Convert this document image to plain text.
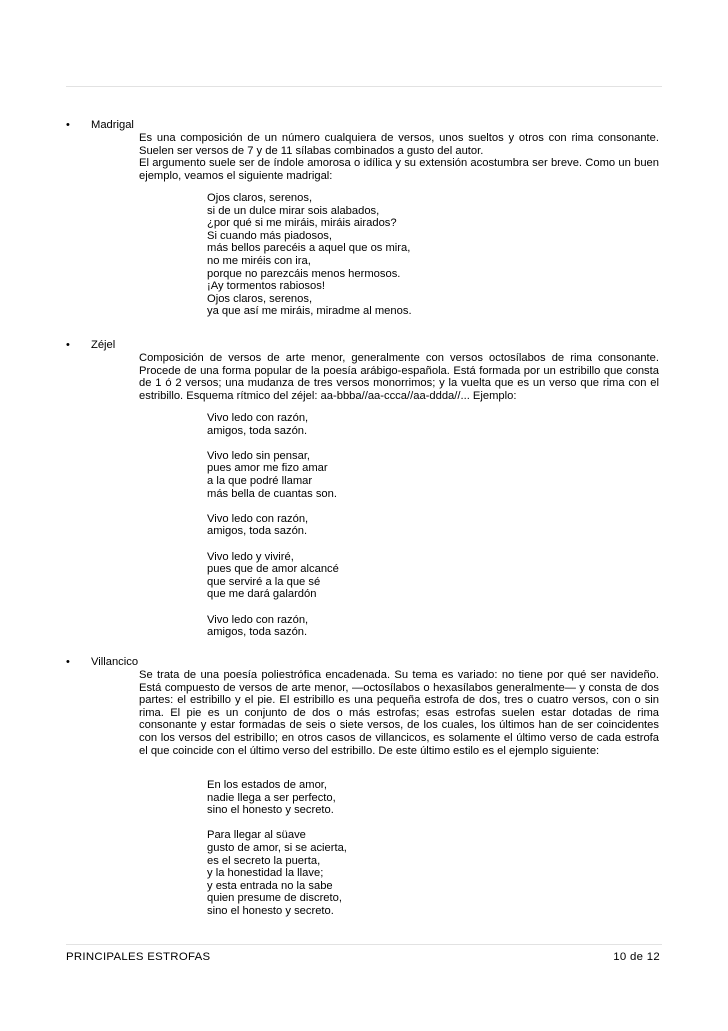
• Madrigal

Es una composición de un número cualquiera de versos, unos sueltos y otros con rima consonante. Suelen ser versos de 7 y de 11 sílabas combinados a gusto del autor.

El argumento suele ser de índole amorosa o idílica y su extensión acostumbra ser breve. Como un buen ejemplo, veamos el siguiente madrigal:

Ojos claros, serenos,
si de un dulce mirar sois alabados,
¿por qué si me miráis, miráis airados?
Si cuando más piadosos,
más bellos parecéis a aquel que os mira,
no me miréis con ira,
porque no parezcáis menos hermosos.
¡Ay tormentos rabiosos!
Ojos claros, serenos,
ya que así me miráis, miradme al menos.
• Zéjel

Composición de versos de arte menor, generalmente con versos octosílabos de rima consonante. Procede de una forma popular de la poesía arábigo-española. Está formada por un estribillo que consta de 1 ó 2 versos; una mudanza de tres versos monorrimos; y la vuelta que es un verso que rima con el estribillo. Esquema rítmico del zéjel: aa-bbba//aa-ccca//aa-ddda//... Ejemplo:

Vivo ledo con razón,
amigos, toda sazón.
Vivo ledo sin pensar,
pues amor me fizo amar
a la que podré llamar
más bella de cuantas son.
Vivo ledo con razón,
amigos, toda sazón.
Vivo ledo y viviré,
pues que de amor alcancé
que serviré a la que sé
que me dará galardón
Vivo ledo con razón,
amigos, toda sazón.
• Villancico

Se trata de una poesía poliestrófica encadenada. Su tema es variado: no tiene por qué ser navideño. Está compuesto de versos de arte menor, —octosílabos o hexasílabos generalmente— y consta de dos partes: el estribillo y el pie. El estribillo es una pequeña estrofa de dos, tres o cuatro versos, con o sin rima. El pie es un conjunto de dos o más estrofas; esas estrofas suelen estar dotadas de rima consonante y estar formadas de seis o siete versos, de los cuales, los últimos han de ser coincidentes con los versos del estribillo; en otros casos de villancicos, es solamente el último verso de cada estrofa el que coincide con el último verso del estribillo. De este último estilo es el ejemplo siguiente:

En los estados de amor,
nadie llega a ser perfecto,
sino el honesto y secreto.
Para llegar al süave
gusto de amor, si se acierta,
es el secreto la puerta,
y la honestidad la llave;
y esta entrada no la sabe
quien presume de discreto,
sino el honesto y secreto.
PRINCIPALES ESTROFAS	10 de 12
